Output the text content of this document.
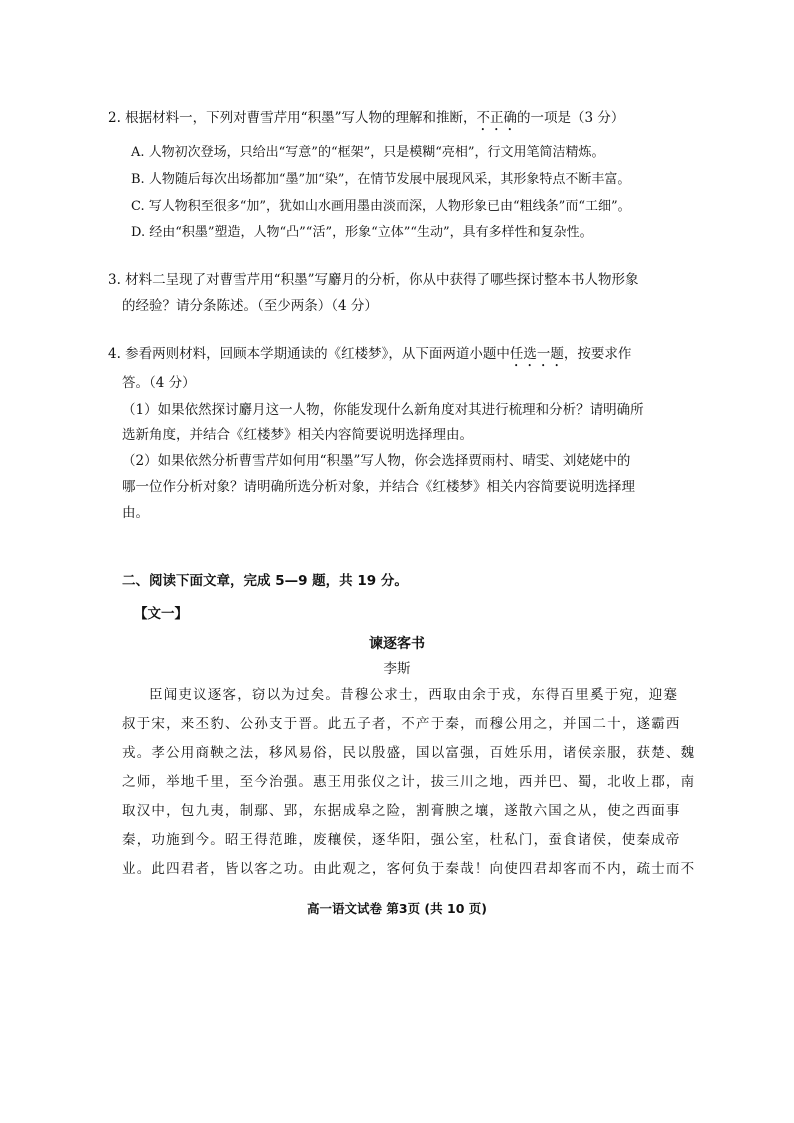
2. 根据材料一，下列对曹雪芹用“积墨”写人物的理解和推断，不正确的一项是（3 分）
A. 人物初次登场，只给出“写意”的“框架”，只是模糊“亮相”，行文用笔简洁精炼。
B. 人物随后每次出场都加“墨”加“染”，在情节发展中展现风采，其形象特点不断丰富。
C. 写人物积至很多“加”，犹如山水画用墨由淡而深，人物形象已由“粗线条”而“工细”。
D. 经由“积墨”塑造，人物“凸”“活”，形象“立体”“生动”，具有多样性和复杂性。
3. 材料二呈现了对曹雪芹用“积墨”写麝月的分析，你从中获得了哪些探讨整本书人物形象
的经验？请分条陈述。（至少两条）（4 分）
4. 参看两则材料，回顾本学期通读的《红楼梦》，从下面两道小题中任选一题，按要求作
答。（4 分）
（1）如果依然探讨麝月这一人物，你能发现什么新角度对其进行梳理和分析？请明确所
选新角度，并结合《红楼梦》相关内容简要说明选择理由。
（2）如果依然分析曹雪芹如何用“积墨”写人物，你会选择贾雨村、晴雯、刘姥姥中的
哪一位作分析对象？请明确所选分析对象，并结合《红楼梦》相关内容简要说明选择理
由。
二、阅读下面文章，完成 5—9 题，共 19 分。
【文一】
谏逐客书
李斯
臣闻吏议逐客，窃以为过矣。昔穆公求士，西取由余于戎，东得百里奚于宛，迎蹇
叔于宋，来丕豹、公孙支于晋。此五子者，不产于秦，而穆公用之，并国二十，遂霸西
戎。孝公用商鞅之法，移风易俗，民以殷盛，国以富强，百姓乐用，诸侯亲服，获楚、魏
之师，举地千里，至今治强。惠王用张仪之计，拔三川之地，西并巴、蜀，北收上郡，南
取汉中，包九夷，制鄢、郢，东据成皋之险，割膏腴之壤，遂散六国之从，使之西面事
秦，功施到今。昭王得范雎，废穰侯，逐华阳，强公室，杜私门，蚕食诸侯，使秦成帝
业。此四君者，皆以客之功。由此观之，客何负于秦哉！向使四君却客而不内，疏士而不
高一语文试卷 第3页 (共 10 页)
